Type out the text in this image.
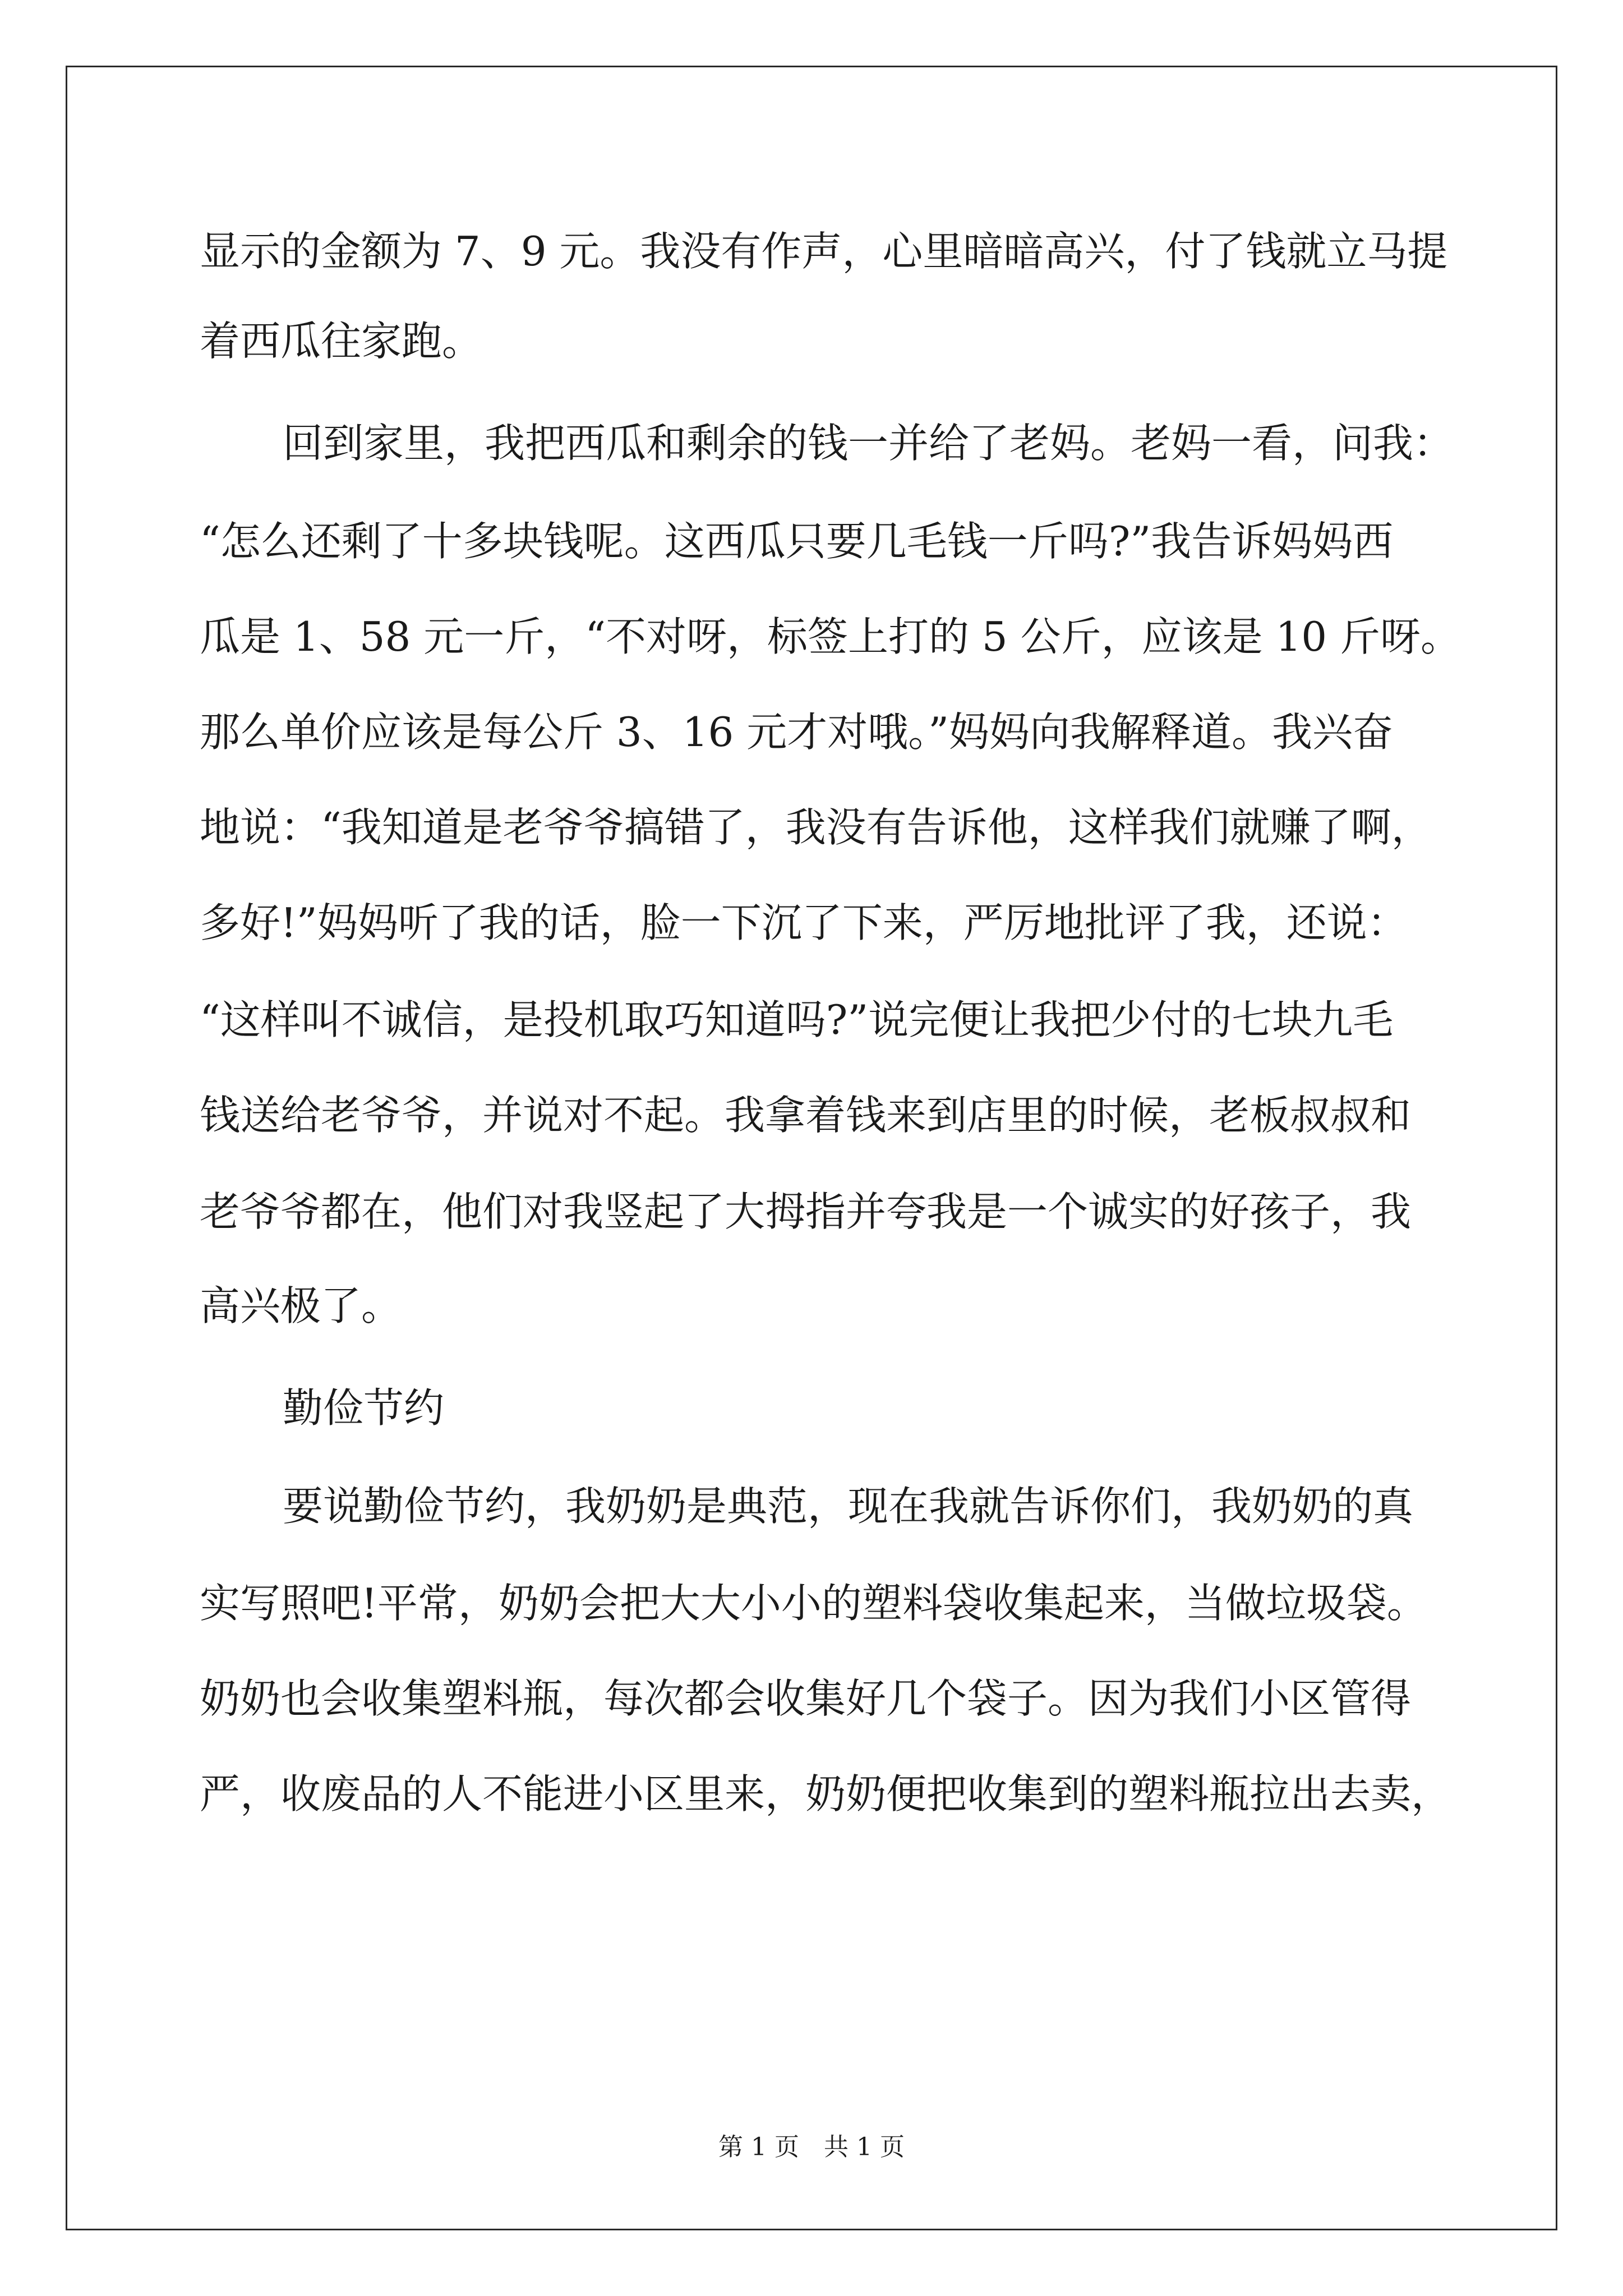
显示的金额为 7、9 元。我没有作声，心里暗暗高兴，付了钱就立马提
着西瓜往家跑。
回到家里，我把西瓜和剩余的钱一并给了老妈。老妈一看，问我：
“怎么还剩了十多块钱呢。这西瓜只要几毛钱一斤吗?”我告诉妈妈西
瓜是 1、58 元一斤，“不对呀，标签上打的 5 公斤，应该是 10 斤呀。
那么单价应该是每公斤 3、16 元才对哦。”妈妈向我解释道。我兴奋
地说：“我知道是老爷爷搞错了，我没有告诉他，这样我们就赚了啊，
多好!”妈妈听了我的话，脸一下沉了下来，严厉地批评了我，还说：
“这样叫不诚信，是投机取巧知道吗?”说完便让我把少付的七块九毛
钱送给老爷爷，并说对不起。我拿着钱来到店里的时候，老板叔叔和
老爷爷都在，他们对我竖起了大拇指并夸我是一个诚实的好孩子，我
高兴极了。
勤俭节约
要说勤俭节约，我奶奶是典范，现在我就告诉你们，我奶奶的真
实写照吧!平常，奶奶会把大大小小的塑料袋收集起来，当做垃圾袋。
奶奶也会收集塑料瓶，每次都会收集好几个袋子。因为我们小区管得
严，收废品的人不能进小区里来，奶奶便把收集到的塑料瓶拉出去卖，
第 1 页　共 1 页
